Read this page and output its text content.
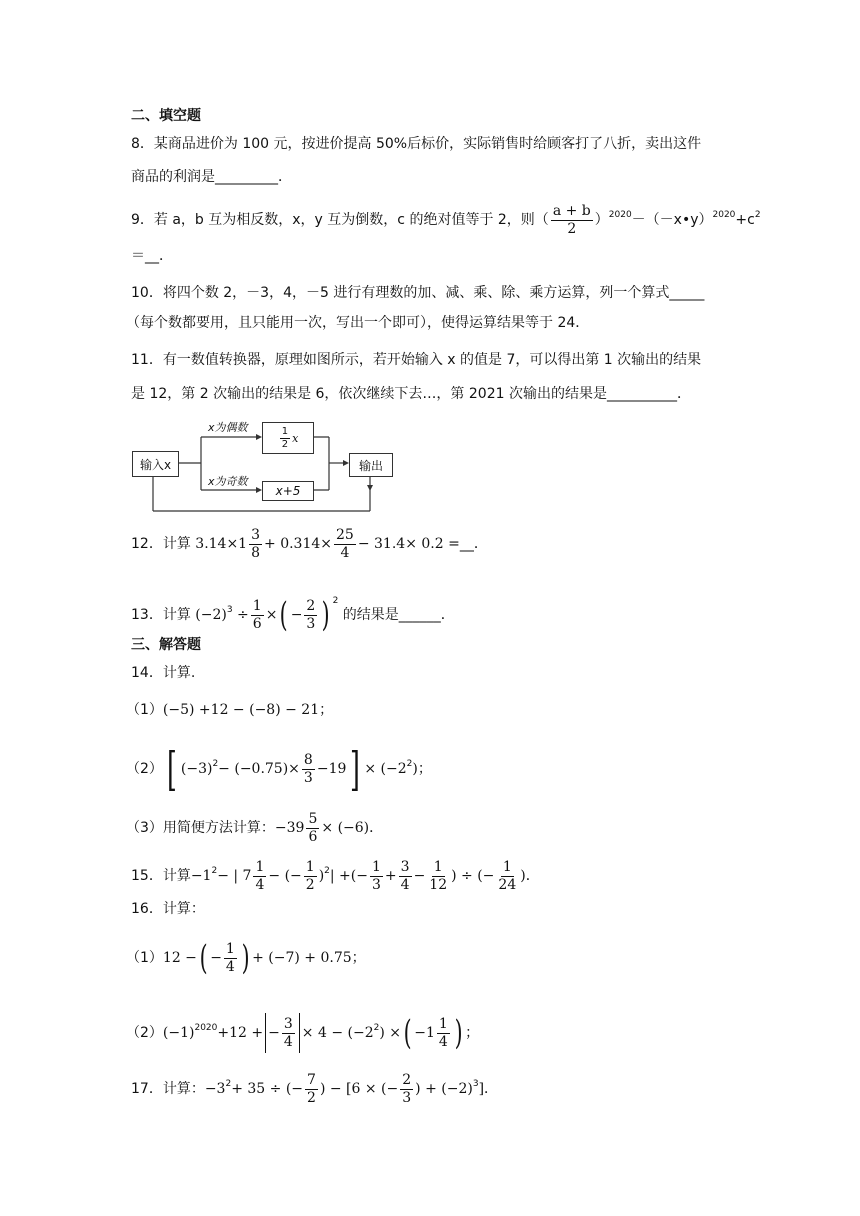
二、填空题
8．某商品进价为 100 元，按进价提高 50%后标价，实际销售时给顾客打了八折，卖出这件
商品的利润是_________．
9．若 a，b 互为相反数，x，y 互为倒数，c 的绝对值等于 2，则（ $\frac{a + b}{2}$ ）$^{2020}-(-x•y)^{2020}+c^2$
＝__．
10．将四个数 2，－3，4，－5 进行有理数的加、减、乘、除、乘方运算，列一个算式_____
（每个数都要用，且只能用一次，写出一个即可），使得运算结果等于 24．
11．有一数值转换器，原理如图所示，若开始输入 x 的值是 7，可以得出第 1 次输出的结果
是 12，第 2 次输出的结果是 6，依次继续下去…，第 2021 次输出的结果是__________．
输入x
x为偶数
x为奇数
$\frac{1}{2}$ x
x+5
输出
12．计算 $3.14\times 1 \frac{3}{8} + 0.314\times \frac{25}{4} - 31.4\times 0.2$ =__．
13．计算 $(-2)^3 \div \frac{1}{6}$ ×( − $\frac{2}{3}$ ) $^2$ 的结果是______．
三、解答题
14．计算.
（1）(−5) +12 − (−8) − 21；
（2）[ $(-3)^2- (-0.75)\times \frac{8}{3} -19] \times (-2^2)$；
（3）用简便方法计算：$-39 \frac{5}{6} \times (-6)$．
15．计算$-1^2-$ | $7 \frac{1}{4}$ − (− $\frac{1}{2} )^2|$ +(− $\frac{1}{3} + \frac{3}{4} - \frac{1}{12}$ ) ÷ (− $\frac{1}{24}$ )．
16．计算：
（1）12 −( − $\frac{1}{4}$ ) + (−7) + 0.75；
$(2)(-1)^{2020}+12$ + − $\frac{3}{4} \times 4 - (-2^2)$ ×( $-1 \frac{1}{4}$ ) ；
17．计算：$-3^2+ 35$ ÷ (− $\frac{7}{2}$ ) − [6 × (− $\frac{2}{3}$ ) + $(-2)^3$]．
